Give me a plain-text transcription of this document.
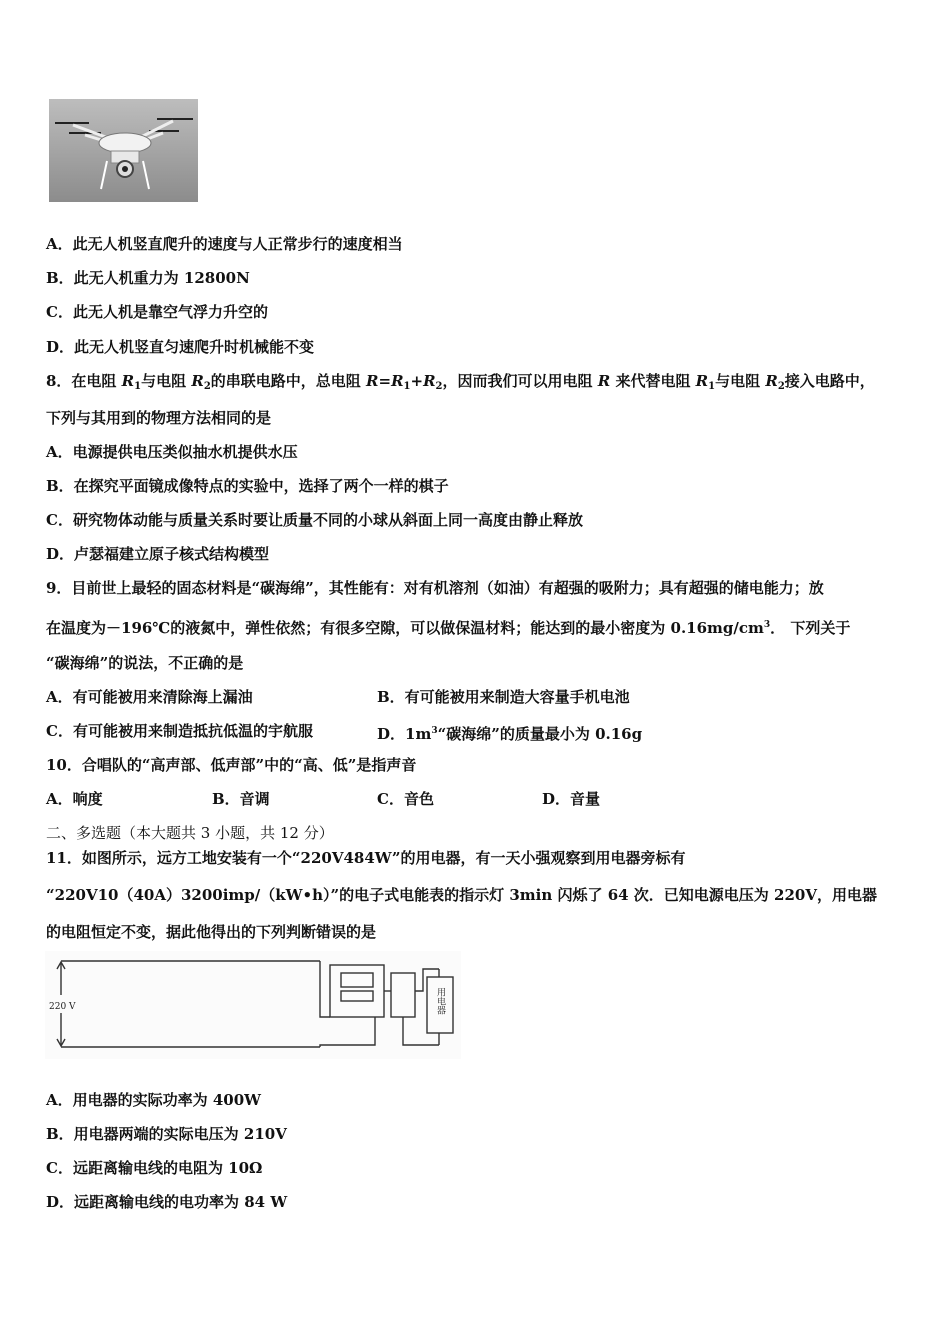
A．此无人机竖直爬升的速度与人正常步行的速度相当
B．此无人机重力为 12800N
C．此无人机是靠空气浮力升空的
D．此无人机竖直匀速爬升时机械能不变
8．在电阻 $R_1$与电阻 $R_2$的串联电路中，总电阻 $R=R_1+R_2$，因而我们可以用电阻 R 来代替电阻 $R_1$与电阻 $R_2$接入电路中，
下列与其用到的物理方法相同的是
A．电源提供电压类似抽水机提供水压
B．在探究平面镜成像特点的实验中，选择了两个一样的棋子
C．研究物体动能与质量关系时要让质量不同的小球从斜面上同一高度由静止释放
D．卢瑟福建立原子核式结构模型
9．目前世上最轻的固态材料是“碳海绵”，其性能有：对有机溶剂（如油）有超强的吸附力；具有超强的储电能力；放
在温度为－196℃的液氮中，弹性依然；有很多空隙，可以做保温材料；能达到的最小密度为 $0.16mg/cm^3$． 下列关于
“碳海绵”的说法，不正确的是
A．有可能被用来清除海上漏油	B．有可能被用来制造大容量手机电池
C．有可能被用来制造抵抗低温的宇航服	D．$1m^3“$碳海绵”的质量最小为 0.16g
10．合唱队的“高声部、低声部”中的“高、低”是指声音
A．响度	B．音调	C．音色	D．音量
二、多选题（本大题共 3 小题，共 12 分）
11．如图所示，远方工地安装有一个“220V484W”的用电器，有一天小强观察到用电器旁标有
“220V10（40A）3200imp/（kW•h）”的电子式电能表的指示灯 3min 闪烁了 64 次．已知电源电压为 220V，用电器
的电阻恒定不变，据此他得出的下列判断错误的是
220 V	用电器
A．用电器的实际功率为 400W
B．用电器两端的实际电压为 210V
C．远距离输电线的电阻为 10Ω
D．远距离输电线的电功率为 84 W
